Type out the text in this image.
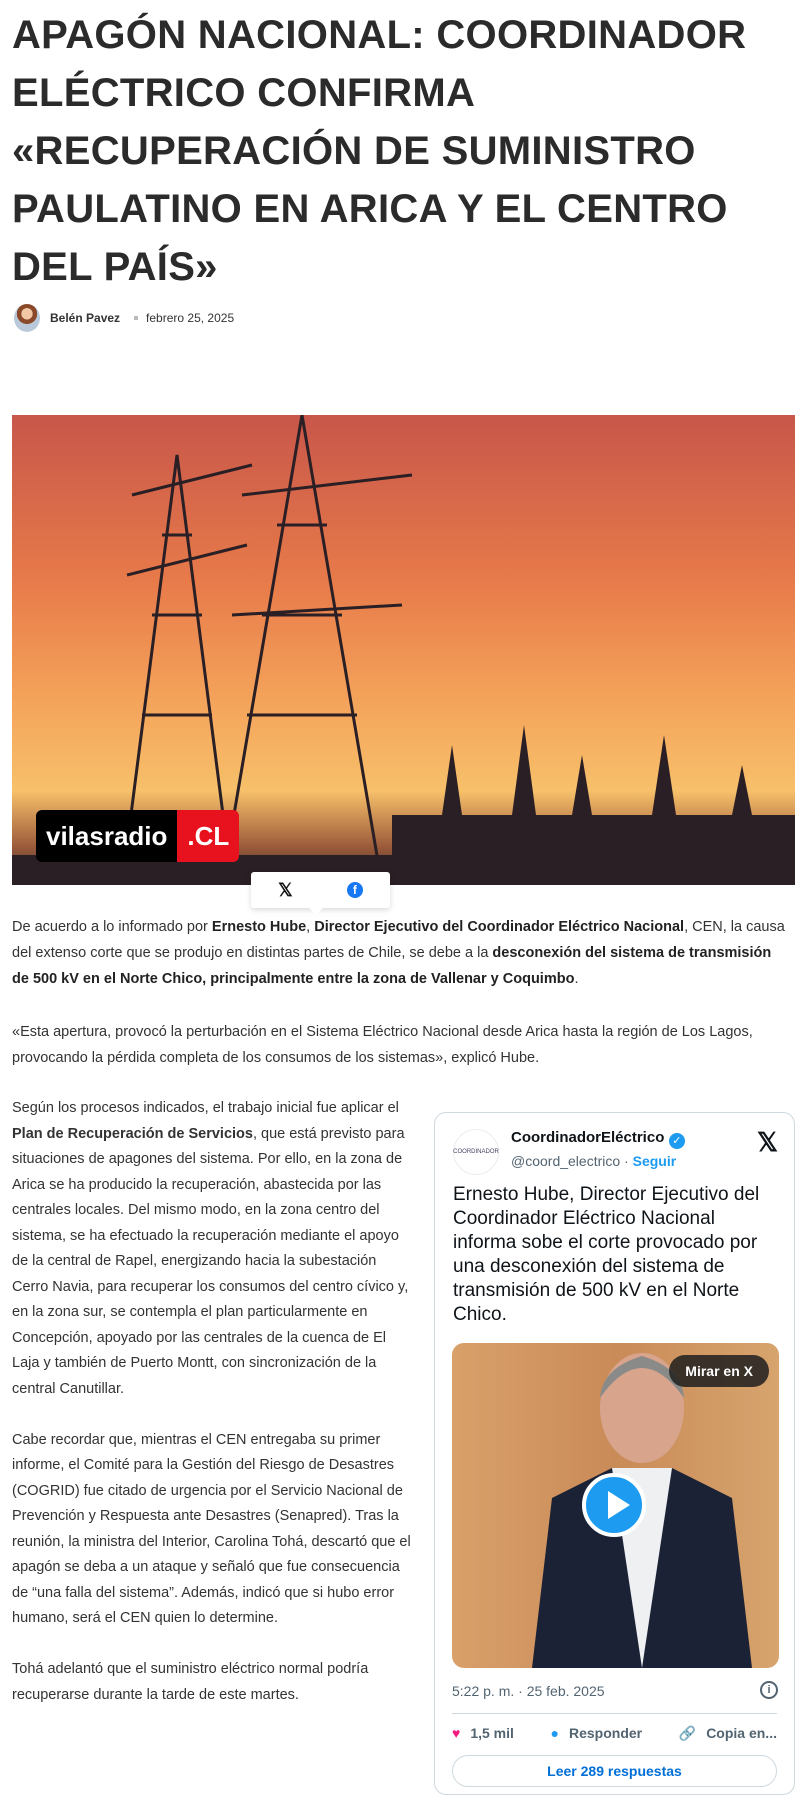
APAGÓN NACIONAL: COORDINADOR ELÉCTRICO CONFIRMA «RECUPERACIÓN DE SUMINISTRO PAULATINO EN ARICA Y EL CENTRO DEL PAÍS»
Belén Pavez febrero 25, 2025
vilasradio .CL
𝕏	f

De acuerdo a lo informado por Ernesto Hube, Director Ejecutivo del Coordinador Eléctrico Nacional, CEN, la causa del extenso corte que se produjo en distintas partes de Chile, se debe a la desconexión del sistema de transmisión de 500 kV en el Norte Chico, principalmente entre la zona de Vallenar y Coquimbo.

«Esta apertura, provocó la perturbación en el Sistema Eléctrico Nacional desde Arica hasta la región de Los Lagos, provocando la pérdida completa de los consumos de los sistemas», explicó Hube.

Según los procesos indicados, el trabajo inicial fue aplicar el Plan de Recuperación de Servicios, que está previsto para situaciones de apagones del sistema. Por ello, en la zona de Arica se ha producido la recuperación, abastecida por las centrales locales. Del mismo modo, en la zona centro del sistema, se ha efectuado la recuperación mediante el apoyo de la central de Rapel, energizando hacia la subestación Cerro Navia, para recuperar los consumos del centro cívico y, en la zona sur, se contempla el plan particularmente en Concepción, apoyado por las centrales de la cuenca de El Laja y también de Puerto Montt, con sincronización de la central Canutillar.

Cabe recordar que, mientras el CEN entregaba su primer informe, el Comité para la Gestión del Riesgo de Desastres (COGRID) fue citado de urgencia por el Servicio Nacional de Prevención y Respuesta ante Desastres (Senapred). Tras la reunión, la ministra del Interior, Carolina Tohá, descartó que el apagón se deba a un ataque y señaló que fue consecuencia de “una falla del sistema”. Además, indicó que si hubo error humano, será el CEN quien lo determine.

Tohá adelantó que el suministro eléctrico normal podría recuperarse durante la tarde de este martes.

COORDINADOR
CoordinadorEléctrico ✓
@coord_electrico · Seguir
𝕏
Ernesto Hube, Director Ejecutivo del Coordinador Eléctrico Nacional informa sobe el corte provocado por una desconexión del sistema de transmisión de 500 kV en el Norte Chico.
Mirar en X
5:22 p. m. · 25 feb. 2025	i
♥ 1,5 mil	● Responder	🔗 Copia en...
Leer 289 respuestas
